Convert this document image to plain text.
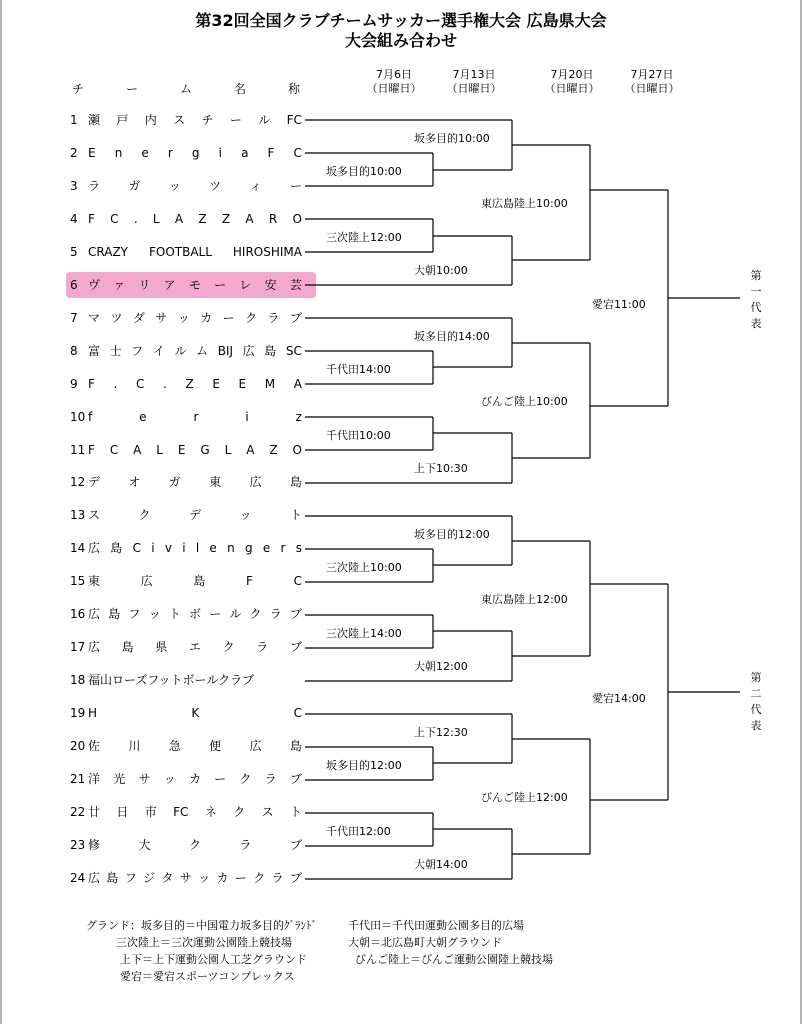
第32回全国クラブチームサッカー選手権大会 広島県大会
大会組み合わせ
7月6日
（日曜日）
7月13日
（日曜日）
7月20日
（日曜日）
7月27日
（日曜日）
チ	ー	ム	名	称
1 瀬 戸 内 ス チ ー ル FC
2 E n e r g i a F C
3 ラ ガ ッ ツ ィ ー
4 F C . L A Z Z A R O
5 CRAZY FOOTBALL HIROSHIMA
6 ヴ ァ リ ア モ ー レ 安 芸
7 マ ツ ダ サ ッ カ ー ク ラ ブ
8 富 士 フ イ ル ム BIJ 広 島 SC
9 F . C . Z E E M A
10 f	e	r	i	z
11 F C A L E G L A Z O
12 デ オ ガ 東 広 島
13 ス	ク	デ	ッ	ト
14 広 島 C i v i l e n g e r s
15 東	広	島	F	C
16 広 島 フ ッ ト ボ ー ル ク ラ ブ
17 広 島 県 エ ク ラ ブ
18 福山ローズフットボールクラブ
19 H	K	C
20 佐 川 急 便 広 島
21 洋 光 サ ッ カ ー ク ラ ブ
22 廿 日 市 FC ネ ク ス ト
23 修	大	ク	ラ	ブ
24 広 島 フ ジ タ サ ッ カ ー ク ラ ブ
坂多目的10:00
坂多目的10:00
三次陸上12:00
大朝10:00
東広島陸上10:00
坂多目的14:00
千代田14:00
千代田10:00
上下10:30
びんご陸上10:00
愛宕11:00
坂多目的12:00
三次陸上10:00
三次陸上14:00
大朝12:00
東広島陸上12:00
上下12:30
坂多目的12:00
千代田12:00
大朝14:00
びんご陸上12:00
愛宕14:00
第
一
代
表
第
二
代
表
グランド：坂多目的＝中国電力坂多目的ｸﾞﾗﾝﾄﾞ	千代田＝千代田運動公園多目的広場
三次陸上＝三次運動公園陸上競技場	大朝＝北広島町大朝グラウンド
上下＝上下運動公園人工芝グラウンド	びんご陸上＝びんご運動公園陸上競技場
愛宕＝愛宕スポーツコンプレックス
